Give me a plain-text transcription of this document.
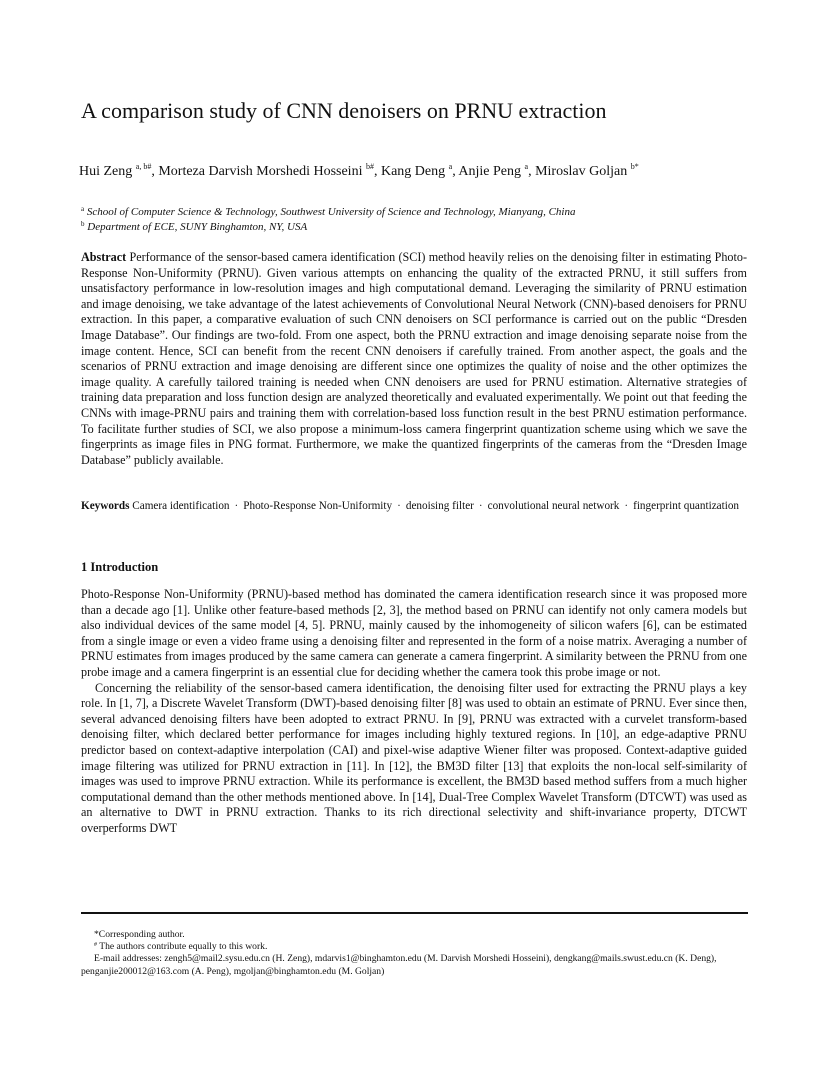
A comparison study of CNN denoisers on PRNU extraction
Hui Zeng $^{a, b\#}$, Morteza Darvish Morshedi Hosseini $^{b\#}$, Kang Deng $^a$, Anjie Peng $^a$, Miroslav Goljan $^{b*}$
$^a$ School of Computer Science & Technology, Southwest University of Science and Technology, Mianyang, China
$^b$ Department of ECE, SUNY Binghamton, NY, USA
Abstract Performance of the sensor-based camera identification (SCI) method heavily relies on the denoising filter in estimating Photo-Response Non-Uniformity (PRNU). Given various attempts on enhancing the quality of the extracted PRNU, it still suffers from unsatisfactory performance in low-resolution images and high computational demand. Leveraging the similarity of PRNU estimation and image denoising, we take advantage of the latest achievements of Convolutional Neural Network (CNN)-based denoisers for PRNU extraction. In this paper, a comparative evaluation of such CNN denoisers on SCI performance is carried out on the public “Dresden Image Database”. Our findings are two-fold. From one aspect, both the PRNU extraction and image denoising separate noise from the image content. Hence, SCI can benefit from the recent CNN denoisers if carefully trained. From another aspect, the goals and the scenarios of PRNU extraction and image denoising are different since one optimizes the quality of noise and the other optimizes the image quality. A carefully tailored training is needed when CNN denoisers are used for PRNU estimation. Alternative strategies of training data preparation and loss function design are analyzed theoretically and evaluated experimentally. We point out that feeding the CNNs with image-PRNU pairs and training them with correlation-based loss function result in the best PRNU estimation performance. To facilitate further studies of SCI, we also propose a minimum-loss camera fingerprint quantization scheme using which we save the fingerprints as image files in PNG format. Furthermore, we make the quantized fingerprints of the cameras from the “Dresden Image Database” publicly available.
Keywords Camera identification · Photo-Response Non-Uniformity · denoising filter · convolutional neural network · fingerprint quantization
1 Introduction

Photo-Response Non-Uniformity (PRNU)-based method has dominated the camera identification research since it was proposed more than a decade ago [1]. Unlike other feature-based methods [2, 3], the method based on PRNU can identify not only camera models but also individual devices of the same model [4, 5]. PRNU, mainly caused by the inhomogeneity of silicon wafers [6], can be estimated from a single image or even a video frame using a denoising filter and represented in the form of a noise matrix. Averaging a number of PRNU estimates from images produced by the same camera can generate a camera fingerprint. A similarity between the PRNU from one probe image and a camera fingerprint is an essential clue for deciding whether the camera took this probe image or not.

Concerning the reliability of the sensor-based camera identification, the denoising filter used for extracting the PRNU plays a key role. In [1, 7], a Discrete Wavelet Transform (DWT)-based denoising filter [8] was used to obtain an estimate of PRNU. Ever since then, several advanced denoising filters have been adopted to extract PRNU. In [9], PRNU was extracted with a curvelet transform-based denoising filter, which declared better performance for images including highly textured regions. In [10], an edge-adaptive PRNU predictor based on context-adaptive interpolation (CAI) and pixel-wise adaptive Wiener filter was proposed. Context-adaptive guided image filtering was utilized for PRNU extraction in [11]. In [12], the BM3D filter [13] that exploits the non-local self-similarity of images was used to improve PRNU extraction. While its performance is excellent, the BM3D based method suffers from a much higher computational demand than the other methods mentioned above. In [14], Dual-Tree Complex Wavelet Transform (DTCWT) was used as an alternative to DWT in PRNU extraction. Thanks to its rich directional selectivity and shift-invariance property, DTCWT overperforms DWT

*Corresponding author.
# The authors contribute equally to this work.
E-mail addresses: zengh5@mail2.sysu.edu.cn (H. Zeng), mdarvis1@binghamton.edu (M. Darvish Morshedi Hosseini), dengkang@mails.swust.edu.cn (K. Deng), penganjie200012@163.com (A. Peng), mgoljan@binghamton.edu (M. Goljan)
